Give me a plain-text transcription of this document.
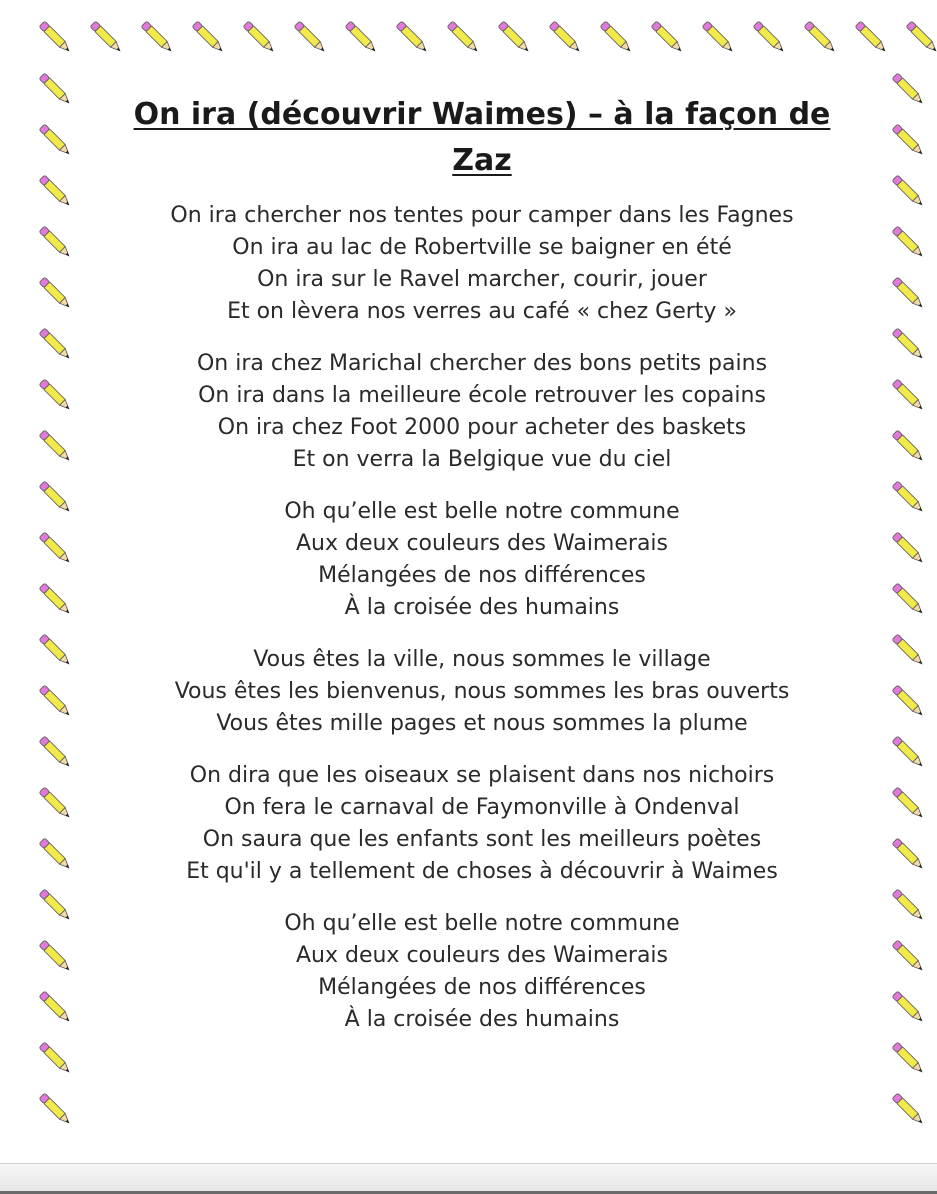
On ira (découvrir Waimes) – à la façon de Zaz
On ira chercher nos tentes pour camper dans les Fagnes
On ira au lac de Robertville se baigner en été
On ira sur le Ravel marcher, courir, jouer
Et on lèvera nos verres au café « chez Gerty »
On ira chez Marichal chercher des bons petits pains
On ira dans la meilleure école retrouver les copains
On ira chez Foot 2000 pour acheter des baskets
Et on verra la Belgique vue du ciel
Oh qu’elle est belle notre commune
Aux deux couleurs des Waimerais
Mélangées de nos différences
À la croisée des humains
Vous êtes la ville, nous sommes le village
Vous êtes les bienvenus, nous sommes les bras ouverts
Vous êtes mille pages et nous sommes la plume
On dira que les oiseaux se plaisent dans nos nichoirs
On fera le carnaval de Faymonville à Ondenval
On saura que les enfants sont les meilleurs poètes
Et qu'il y a tellement de choses à découvrir à Waimes
Oh qu’elle est belle notre commune
Aux deux couleurs des Waimerais
Mélangées de nos différences
À la croisée des humains
